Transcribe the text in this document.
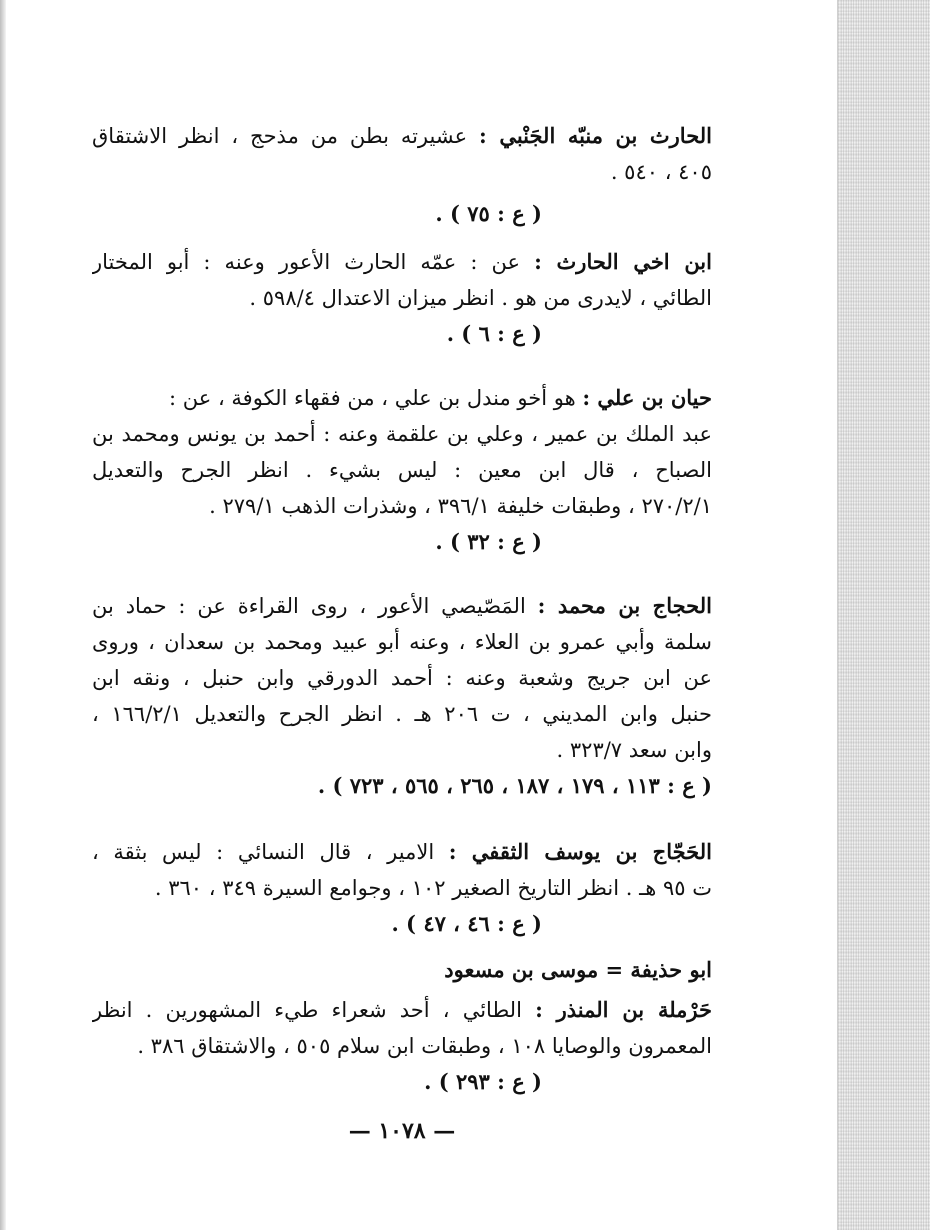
الحارث بن منبّه الجَنْبي : عشيرته بطن من مذحج ، انظر الاشتقاق
٤٠٥ ، ٥٤٠ .
( ع : ٧٥ ) .
ابن اخي الحارث : عن : عمّه الحارث الأعور وعنه : أبو المختار
الطائي ، لايدرى من هو . انظر ميزان الاعتدال ٥٩٨/٤ .
( ع : ٦ ) .
حيان بن علي : هو أخو مندل بن علي ، من فقهاء الكوفة ، عن :
عبد الملك بن عمير ، وعلي بن علقمة وعنه : أحمد بن يونس ومحمد بن
الصباح ، قال ابن معين : ليس بشيء . انظر الجرح والتعديل
٢٧٠/٢/١ ، وطبقات خليفة ٣٩٦/١ ، وشذرات الذهب ٢٧٩/١ .
( ع : ٣٢ ) .
الحجاج بن محمد : المَصّيصي الأعور ، روى القراءة عن : حماد بن
سلمة وأبي عمرو بن العلاء ، وعنه أبو عبيد ومحمد بن سعدان ، وروى
عن ابن جريج وشعبة وعنه : أحمد الدورقي وابن حنبل ، ونقه ابن
حنبل وابن المديني ، ت ٢٠٦ هـ . انظر الجرح والتعديل ١٦٦/٢/١ ،
وابن سعد ٣٢٣/٧ .
( ع : ١١٣ ، ١٧٩ ، ١٨٧ ، ٢٦٥ ، ٥٦٥ ، ٧٢٣ ) .
الحَجّاج بن يوسف الثقفي : الامير ، قال النسائي : ليس بثقة ،
ت ٩٥ هـ . انظر التاريخ الصغير ١٠٢ ، وجوامع السيرة ٣٤٩ ، ٣٦٠ .
( ع : ٤٦ ، ٤٧ ) .
ابو حذيفة = موسى بن مسعود
حَرْملة بن المنذر : الطائي ، أحد شعراء طيء المشهورين . انظر
المعمرون والوصايا ١٠٨ ، وطبقات ابن سلام ٥٠٥ ، والاشتقاق ٣٨٦ .
( ع : ٢٩٣ ) .
— ١٠٧٨ —
